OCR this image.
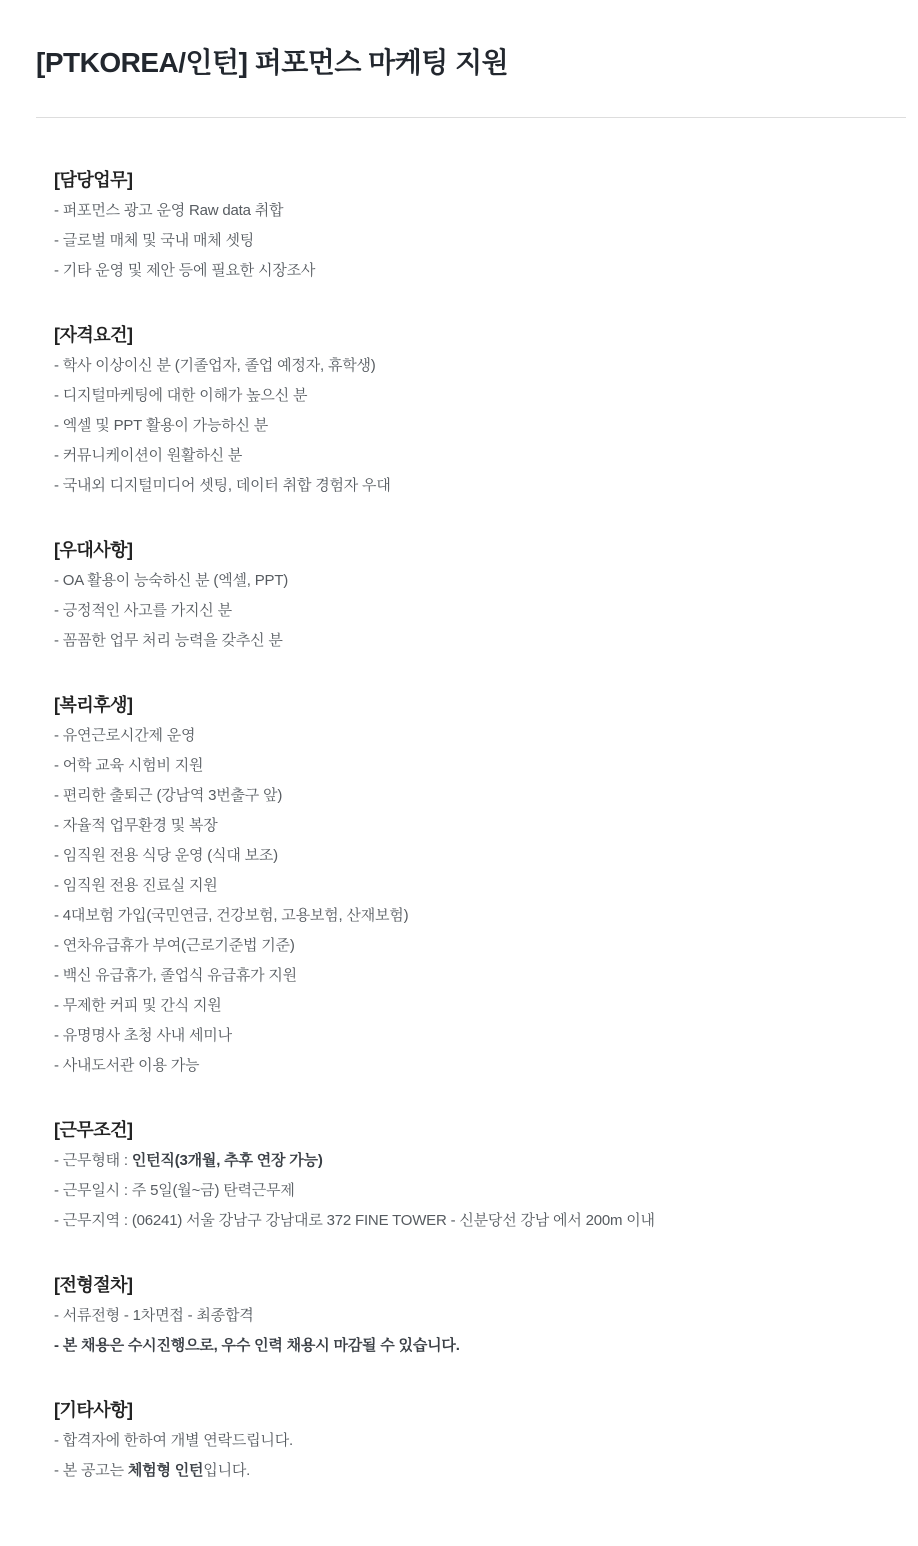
[PTKOREA/인턴] 퍼포먼스 마케팅 지원
[담당업무]

- 퍼포먼스 광고 운영 Raw data 취합

- 글로벌 매체 및 국내 매체 셋팅

- 기타 운영 및 제안 등에 필요한 시장조사

[자격요건]

- 학사 이상이신 분 (기졸업자, 졸업 예정자, 휴학생)

- 디지털마케팅에 대한 이해가 높으신 분

- 엑셀 및 PPT 활용이 가능하신 분

- 커뮤니케이션이 원활하신 분

- 국내외 디지털미디어 셋팅, 데이터 취합 경험자 우대

[우대사항]

- OA 활용이 능숙하신 분 (엑셀, PPT)

- 긍정적인 사고를 가지신 분

- 꼼꼼한 업무 처리 능력을 갖추신 분

[복리후생]

- 유연근로시간제 운영

- 어학 교육 시험비 지원

- 편리한 출퇴근 (강남역 3번출구 앞)

- 자율적 업무환경 및 복장

- 임직원 전용 식당 운영 (식대 보조)

- 임직원 전용 진료실 지원

- 4대보험 가입(국민연금, 건강보험, 고용보험, 산재보험)

- 연차유급휴가 부여(근로기준법 기준)

- 백신 유급휴가, 졸업식 유급휴가 지원

- 무제한 커피 및 간식 지원

- 유명명사 초청 사내 세미나

- 사내도서관 이용 가능

[근무조건]

- 근무형태 : 인턴직(3개월, 추후 연장 가능)

- 근무일시 : 주 5일(월~금) 탄력근무제

- 근무지역 : (06241) 서울 강남구 강남대로 372 FINE TOWER - 신분당선 강남 에서 200m 이내

[전형절차]

- 서류전형 - 1차면접 - 최종합격

- 본 채용은 수시진행으로, 우수 인력 채용시 마감될 수 있습니다.

[기타사항]

- 합격자에 한하여 개별 연락드립니다.

- 본 공고는 체험형 인턴입니다.
